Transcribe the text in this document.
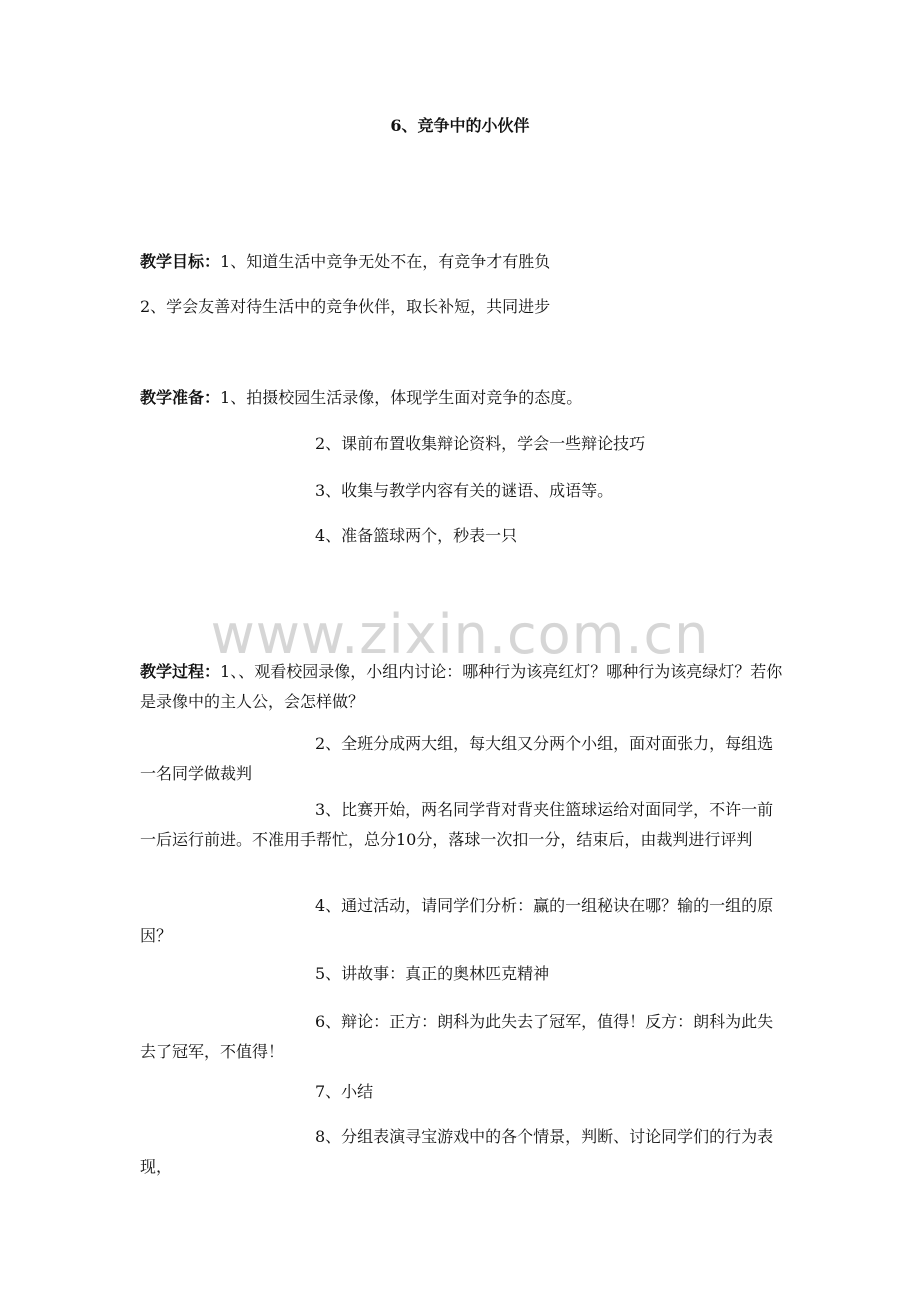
6、竞争中的小伙伴

教学目标：1、知道生活中竞争无处不在，有竞争才有胜负

2、学会友善对待生活中的竞争伙伴，取长补短，共同进步

教学准备：1、拍摄校园生活录像，体现学生面对竞争的态度。

2、课前布置收集辩论资料，学会一些辩论技巧

3、收集与教学内容有关的谜语、成语等。

4、准备篮球两个，秒表一只

www.zixin.com.cn

教学过程：1、、观看校园录像，小组内讨论：哪种行为该亮红灯？哪种行为该亮绿灯？若你是录像中的主人公，会怎样做？

2、全班分成两大组，每大组又分两个小组，面对面张力，每组选一名同学做裁判

3、比赛开始，两名同学背对背夹住篮球运给对面同学，不许一前一后运行前进。不准用手帮忙，总分10分，落球一次扣一分，结束后，由裁判进行评判

4、通过活动，请同学们分析：赢的一组秘诀在哪？输的一组的原因？

5、讲故事：真正的奥林匹克精神

6、辩论：正方：朗科为此失去了冠军，值得！反方：朗科为此失去了冠军，不值得！

7、小结

8、分组表演寻宝游戏中的各个情景，判断、讨论同学们的行为表现，
